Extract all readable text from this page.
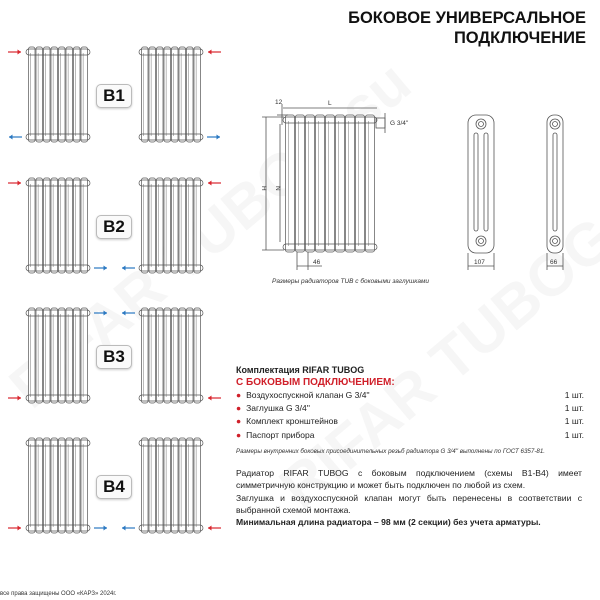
БОКОВОЕ УНИВЕРСАЛЬНОЕ
ПОДКЛЮЧЕНИЕ
B1
B2
B3
B4
12	L
G 3/4''
H N
46	107	66
Размеры радиаторов TUB с боковыми заглушками
Комплектация RIFAR TUBOG
С БОКОВЫМ ПОДКЛЮЧЕНИЕМ:
● Воздухоспускной клапан G 3/4''	1 шт.
● Заглушка G 3/4''	1 шт.
● Комплект кронштейнов	1 шт.
● Паспорт прибора	1 шт.
Размеры внутренних боковых присоединительных резьб радиатора G 3/4'' выполнены по ГОСТ 6357-81.

Радиатор RIFAR TUBOG с боковым подключением (схемы B1-B4) имеет симметричную конструкцию и может быть подключен по любой из схем.

Заглушка и воздухоспускной клапан могут быть перенесены в соответствии с выбранной схемой монтажа.

Минимальная длина радиатора – 98 мм (2 секции) без учета арматуры.

все права защищены ООО «КАРЗ» 2024г.
